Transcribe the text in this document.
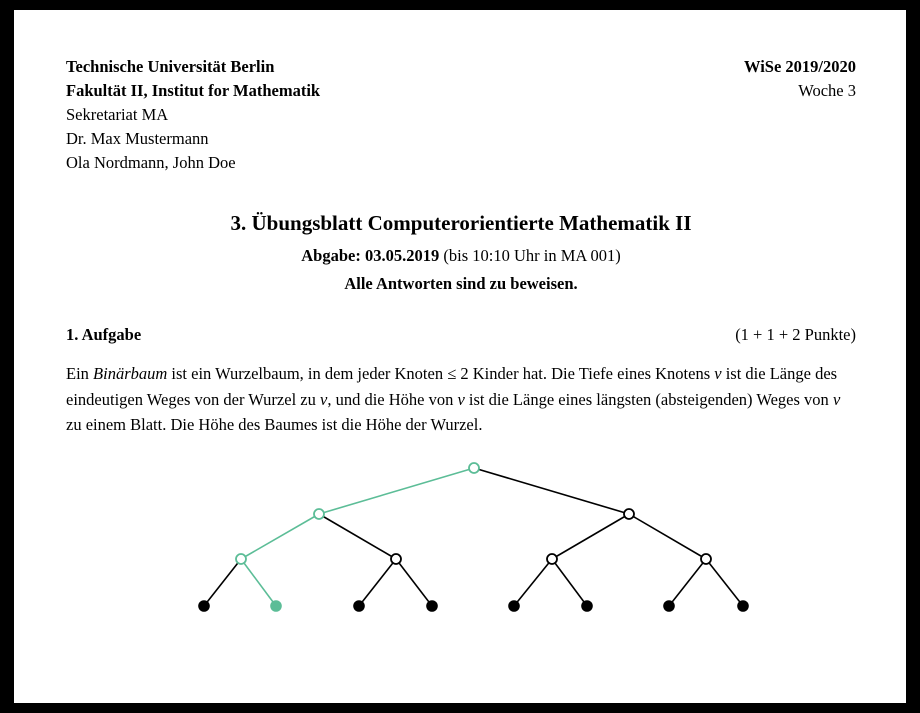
Technische Universität Berlin	WiSe 2019/2020
Fakultät II, Institut for Mathematik	Woche 3
Sekretariat MA
Dr. Max Mustermann
Ola Nordmann, John Doe
3. Übungsblatt Computerorientierte Mathematik II
Abgabe: 03.05.2019 (bis 10:10 Uhr in MA 001)
Alle Antworten sind zu beweisen.
1. Aufgabe	(1 + 1 + 2 Punkte)
Ein Binärbaum ist ein Wurzelbaum, in dem jeder Knoten ≤ 2 Kinder hat. Die Tiefe eines Knotens v ist die Länge des eindeutigen Weges von der Wurzel zu v, und die Höhe von v ist die Länge eines längsten (absteigenden) Weges von v zu einem Blatt. Die Höhe des Baumes ist die Höhe der Wurzel.
